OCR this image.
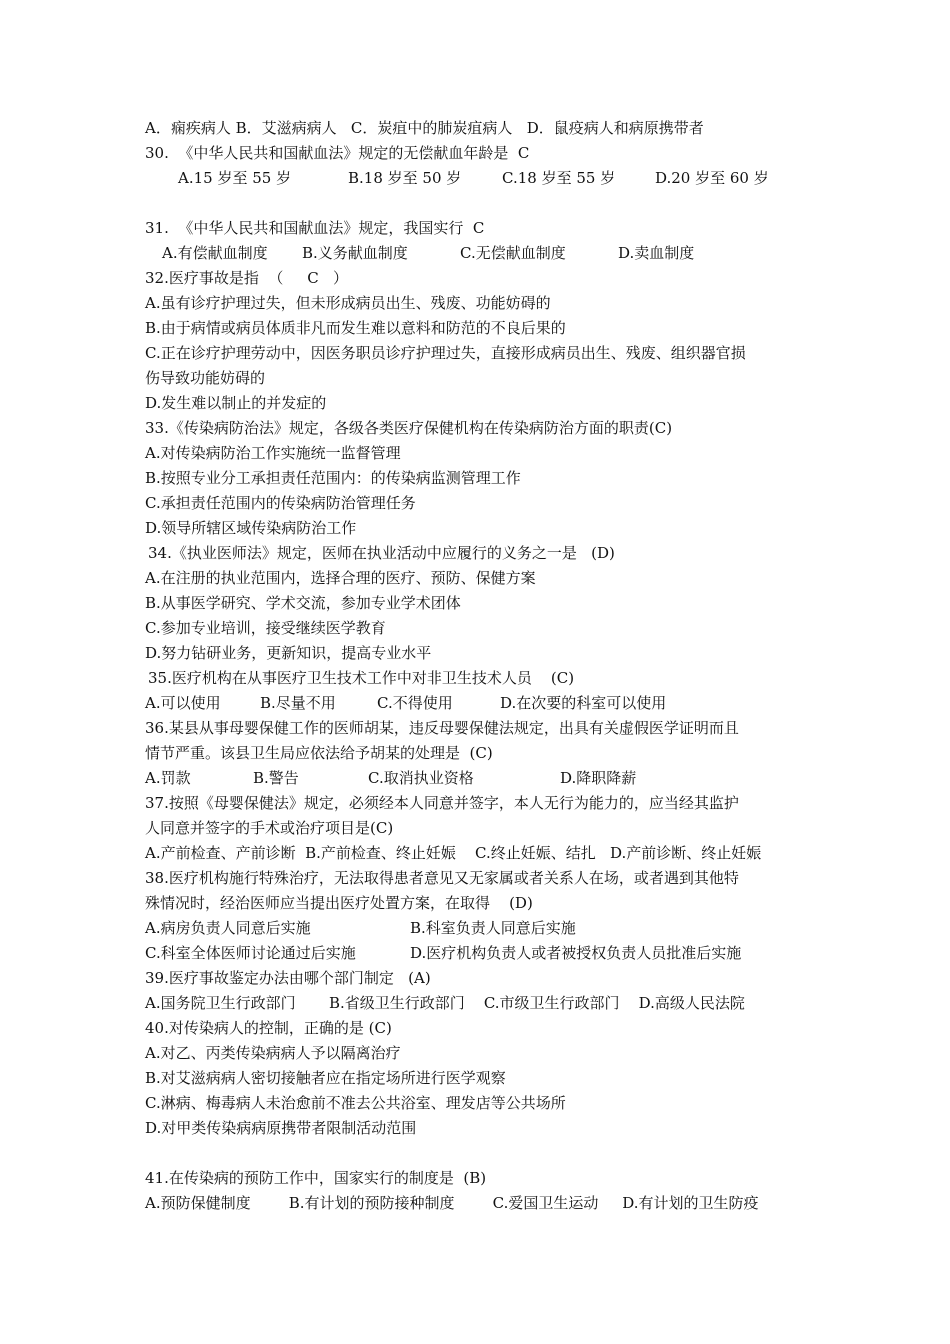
A．痫疾病人 B．艾滋病病人   C．炭疽中的肺炭疽病人   D．鼠疫病人和病原携带者
30.  《中华人民共和国献血法》规定的无偿献血年龄是  C
A.15 岁至 55 岁	B.18 岁至 50 岁	C.18 岁至 55 岁	D.20 岁至 60 岁
31.  《中华人民共和国献血法》规定，我国实行  C
A.有偿献血制度 B.义务献血制度	C.无偿献血制度	D.卖血制度
32.医疗事故是指  （     C   ）
A.虽有诊疗护理过失，但未形成病员出生、残废、功能妨碍的
B.由于病情或病员体质非凡而发生难以意料和防范的不良后果的
C.正在诊疗护理劳动中，因医务职员诊疗护理过失，直接形成病员出生、残废、组织器官损
伤导致功能妨碍的
D.发生难以制止的并发症的
33.《传染病防治法》规定，各级各类医疗保健机构在传染病防治方面的职责(C)
A.对传染病防治工作实施统一监督管理
B.按照专业分工承担责任范围内：的传染病监测管理工作
C.承担责任范围内的传染病防治管理任务
D.领导所辖区域传染病防治工作
34.《执业医师法》规定，医师在执业活动中应履行的义务之一是   (D)
A.在注册的执业范围内，选择合理的医疗、预防、保健方案
B.从事医学研究、学术交流，参加专业学术团体
C.参加专业培训，接受继续医学教育
D.努力钻研业务，更新知识，提高专业水平
35.医疗机构在从事医疗卫生技术工作中对非卫生技术人员    (C)
A.可以使用	B.尽量不用	C.不得使用	D.在次要的科室可以使用
36.某县从事母婴保健工作的医师胡某，违反母婴保健法规定，出具有关虚假医学证明而且
情节严重。该县卫生局应依法给予胡某的处理是  (C)
A.罚款	B.警告	C.取消执业资格	D.降职降薪
37.按照《母婴保健法》规定，必须经本人同意并签字，本人无行为能力的，应当经其监护
人同意并签字的手术或治疗项目是(C)
A.产前检查、产前诊断  B.产前检查、终止妊娠    C.终止妊娠、结扎   D.产前诊断、终止妊娠
38.医疗机构施行特殊治疗，无法取得患者意见又无家属或者关系人在场，或者遇到其他特
殊情况时，经治医师应当提出医疗处置方案，在取得    (D)
A.病房负责人同意后实施	B.科室负责人同意后实施
C.科室全体医师讨论通过后实施	D.医疗机构负责人或者被授权负责人员批准后实施
39.医疗事故鉴定办法由哪个部门制定   (A)
A.国务院卫生行政部门       B.省级卫生行政部门    C.市级卫生行政部门    D.高级人民法院
40.对传染病人的控制，正确的是 (C)
A.对乙、丙类传染病病人予以隔离治疗
B.对艾滋病病人密切接触者应在指定场所进行医学观察
C.淋病、梅毒病人未治愈前不准去公共浴室、理发店等公共场所
D.对甲类传染病病原携带者限制活动范围
41.在传染病的预防工作中，国家实行的制度是  (B)
A.预防保健制度        B.有计划的预防接种制度        C.爱国卫生运动     D.有计划的卫生防疫
